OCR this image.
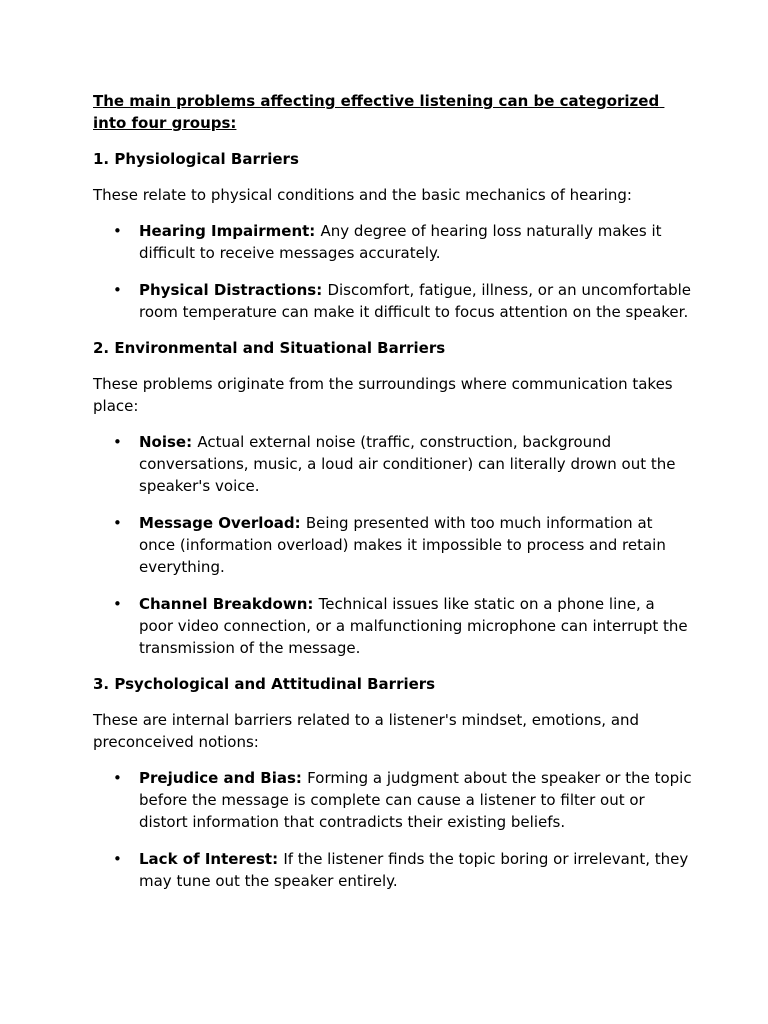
The main problems affecting effective listening can be categorized into four groups:

1. Physiological Barriers

These relate to physical conditions and the basic mechanics of hearing:

• Hearing Impairment: Any degree of hearing loss naturally makes it difficult to receive messages accurately.
• Physical Distractions: Discomfort, fatigue, illness, or an uncomfortable room temperature can make it difficult to focus attention on the speaker.

2. Environmental and Situational Barriers

These problems originate from the surroundings where communication takes place:

• Noise: Actual external noise (traffic, construction, background conversations, music, a loud air conditioner) can literally drown out the speaker's voice.
• Message Overload: Being presented with too much information at once (information overload) makes it impossible to process and retain everything.
• Channel Breakdown: Technical issues like static on a phone line, a poor video connection, or a malfunctioning microphone can interrupt the transmission of the message.

3. Psychological and Attitudinal Barriers

These are internal barriers related to a listener's mindset, emotions, and preconceived notions:

• Prejudice and Bias: Forming a judgment about the speaker or the topic before the message is complete can cause a listener to filter out or distort information that contradicts their existing beliefs.
• Lack of Interest: If the listener finds the topic boring or irrelevant, they may tune out the speaker entirely.
